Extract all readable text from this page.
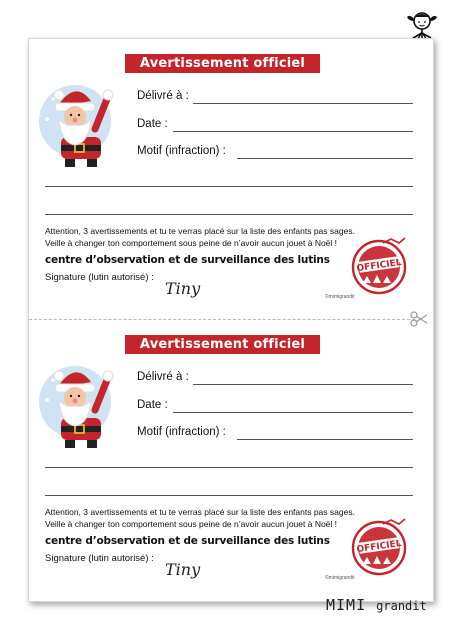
Avertissement officiel
Délivré à :
Date :
Motif (infraction) :
Attention, 3 avertissements et tu te verras placé sur la liste des enfants pas sages.
Veille à changer ton comportement sous peine de n’avoir aucun jouet à Noël !
centre d’observation et de surveillance des lutins
Signature (lutin autorisé) :
Tiny
OFFICIEL
©mimigrandit
Avertissement officiel
Délivré à :
Date :
Motif (infraction) :
Attention, 3 avertissements et tu te verras placé sur la liste des enfants pas sages.
Veille à changer ton comportement sous peine de n’avoir aucun jouet à Noël !
centre d’observation et de surveillance des lutins
Signature (lutin autorisé) :
Tiny
OFFICIEL
©mimigrandit
MIMI grandit
